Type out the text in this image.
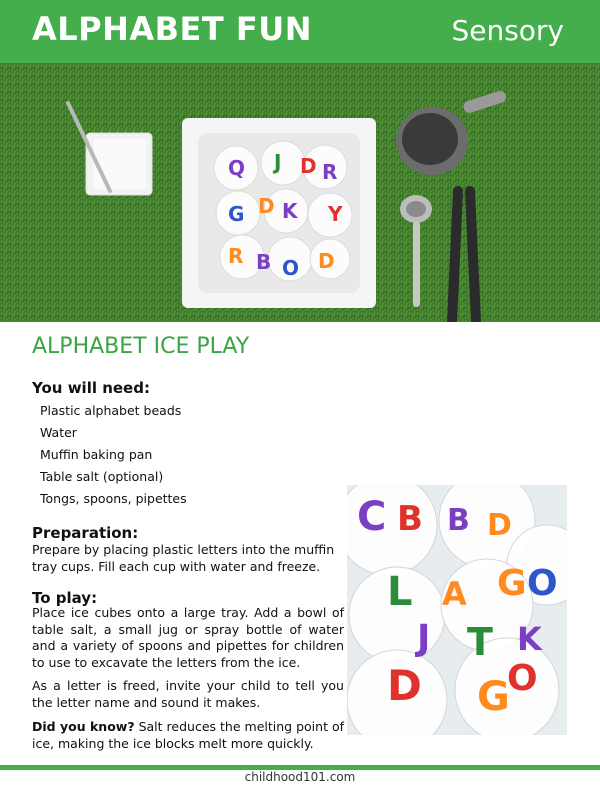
ALPHABET FUN	Sensory
Q J D R
G D K Y
R B O D
ALPHABET ICE PLAY
You will need:
Plastic alphabet beads
Water
Muffin baking pan
Table salt (optional)
Tongs, spoons, pipettes
Preparation:
Prepare by placing plastic letters into the muffin tray cups. Fill each cup with water and freeze.
To play:
Place ice cubes onto a large tray. Add a bowl of table salt, a small jug or spray bottle of water and a variety of spoons and pipettes for children to use to excavate the letters from the ice.
As a letter is freed, invite your child to tell you the letter name and sound it makes.
Did you know? Salt reduces the melting point of ice, making the ice blocks melt more quickly.
C B B D
L A G O
J T K
D G
O
childhood101.com
